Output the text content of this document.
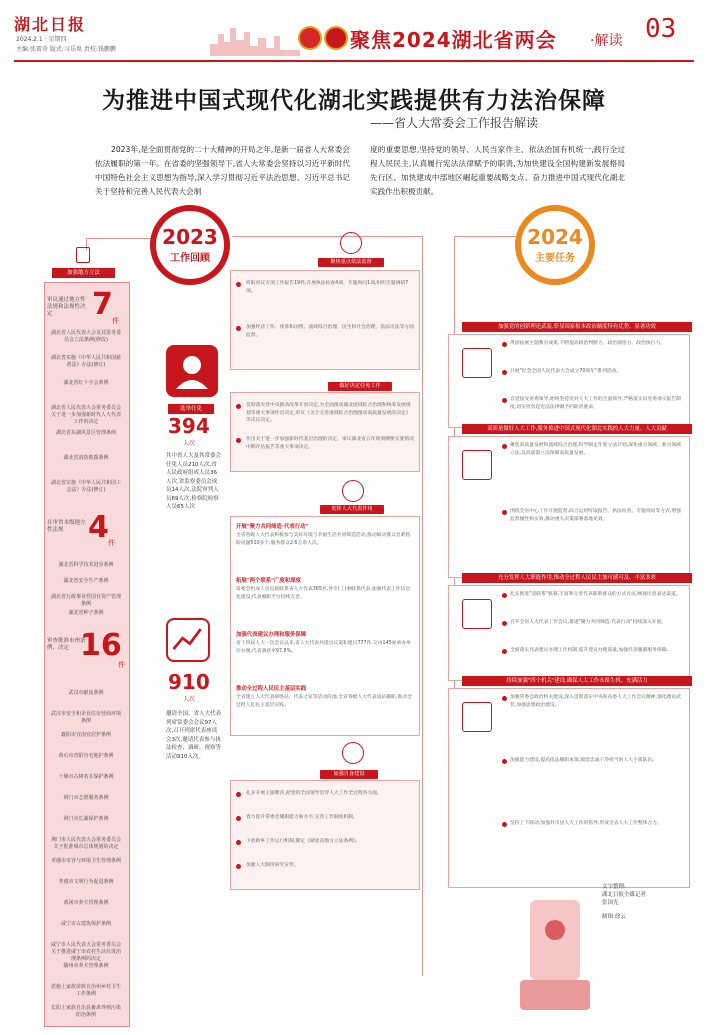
湖北日报
2024.2.1 · 星期四
主编:张雷奇 版式:习乐岚 责校:钱鹏鹏	聚焦2024湖北省两会 ·解读 03
为推进中国式现代化湖北实践提供有力法治保障
——省人大常委会工作报告解读

2023年,是全面贯彻党的二十大精神的开局之年,是新一届省人大常委会依法履职的第一年。在省委的坚强领导下,省人大常委会坚持以习近平新时代中国特色社会主义思想为指导,深入学习贯彻习近平法治思想、习近平总书记关于坚持和完善人民代表大会制

度的重要思想,坚持党的领导、人民当家作主、依法治国有机统一,践行全过程人民民主,认真履行宪法法律赋予的职责,为加快建设全国构建新发展格局先行区、加快建成中部地区崛起重要战略支点、奋力推进中国式现代化湖北实践作出积极贡献。

加强地方立法
审议通过地方性法规和法规性决定	7 件
湖北省人民代表大会及其常务委员会立法条例(修改)
湖北省实施《中华人民共和国慈善法》办法(修订)
湖北省红十字会条例
湖北省人民代表大会常务委员会关于进一步加强新时代人大代表工作的决定
湖北省东湖风景区管理条例
湖北省消防救援条例
湖北省实施《中华人民共和国工会法》办法(修订)
在审省本级地方性法规 4 件
湖北省科学技术进步条例
湖北省安全生产条例
湖北省行政事业性国有资产管理条例
湖北省种子条例
审查批准市州条例、决定 16
件
武汉市献血条例
武汉市安全和企业住房营商环境条例
襄阳市宜南宜居护条例
黄石市青阳宫宅地护条例
十堰市古树名木保护条例
荆门市志愿服务条例
荆门市长湖保护条例
荆门市人民代表大会常务委员会关于批准城市总体规划的决定
孝感市市容与环境卫生管理条例
孝感市文明行为促进条例
黄冈市养犬管理条例
咸宁市古建筑保护条例
咸宁市人民代表大会常务委员会关于推进咸宁市农村生活垃圾治理条例的决定
随州市养犬管理条例
恩施土家族苗族自治州乡村卫生工作条例
长阳土家族自治县畜禽养殖污染防治条例
2023
工作回顾
选举任免
394
人次
其中省人大及其常委会任免人员210人次,省人民政府组成人员36人次,省监察委员会成员14人次,法院审判人员69人次,检察院检察人员65人次
910
人次
邀请全国、省人大代表列席常委会会议97人次,召开列席代表座谈会3次,邀请代表参与执法检查、调研、视察等活动910人次。
聚焦重点依法监督
听取审议专项工作报告19件,开展执法检查4项、专题询问1项,组织专题调研7项。
加强经济工作、预算和国资、流域综合治理、民生和社会治理、依法司法等方面监督。
做好决定任免工作
贯彻落实党中央推动改革开放决定,为全面推动湖北流域综合治理和统筹发展规划等重大事项作出决定,审议《关于完善流域综合治理推动高质量发展的决定》等决议决定。
作出关于进一步加强新时代基层治理的决定、审议湖北省五年规划纲要实施情况中期评估报告等重大事项决定。
发挥人大代表作用
开展"聚力共同缔造·代表行动"
全省各级人大代表积极参与美好环境与幸福生活共同缔造活动,推动解决群众急难愁盼问题510多个,服务群众2.6万余人次。
拓展"两个联系"广度和深度
常委会组成人员直接联系省人大代表365名,各专(工)委联系代表,加强代表工作信息化建设,代表履职平台持续完善。
加强代表建议办理和服务保障
省十四届人大一次会议以来,省人大代表共提出议案和建议777件,交由145家承办单位办理,代表满意率97.8%。
推动全过程人民民主基层实践
全省建立人大代表联络站、代表之家等活动阵地,全省各级人大代表进站履职,推动全过程人民民主基层实践。
加强自身建设
扎实开展主题教育,把党的全面领导贯穿人大工作全过程各方面。
着力提升常委会履职能力和水平,完善工作制度机制。
下放街乡工作运行机制,制定《湖北省地方立法条例》。
加强人大制度研究宣传。
2024
主要任务
加强党的创新理论武装,彰显国家根本政治制度特有优势、显著功效
巩固拓展主题教育成果,不断提高政治判断力、政治领悟力、政治执行力。
开展"纪念全国人民代表大会成立70周年"系列活动。
自觉接受省委领导,始终坚持党对人大工作的全面领导,严格落实向党委请示报告制度,切实担负起宪法法律赋予的职责使命。
高质量做好人大工作,服务推进中国式现代化湖北实践的人大力量、人大贡献
聚焦高质量发展和流域综合治理,科学制定年度立法计划,深化重点领域、新兴领域立法,以高质量立法保障高质量发展。
围绕全省中心工作开展监督,综合运用听取报告、执法检查、专题询问等方式,增强监督刚性和实效,推动重大决策部署落地见效。
充分发挥人大职能作用,推动全过程人民民主加可感可及、丰富多彩
扎实推进"双联系"机制,丰富和完善代表联系群众的方式方法,畅通民意表达渠道。
召开全省人大代表工作会议,推进"聚力共同缔造·代表行动"持续深入开展。
全面落实代表建议办理工作机制,提升建议办理质量,加强代表履职服务保障。
持续加强"四个机关"建设,确保人大工作永葆生机、充满活力
加强常委会政治机关建设,深入贯彻落实中央和省委人大工作会议精神,强化理论武装,加强思想政治建设。
加强能力建设,提高依法履职本领,锻造忠诚干净担当的人大干部队伍。
坚持上下联动,加强对市县人大工作的指导,形成全省人大工作整体合力。
文字整理:
湖北日报全媒记者
张国光
制图:徐云
